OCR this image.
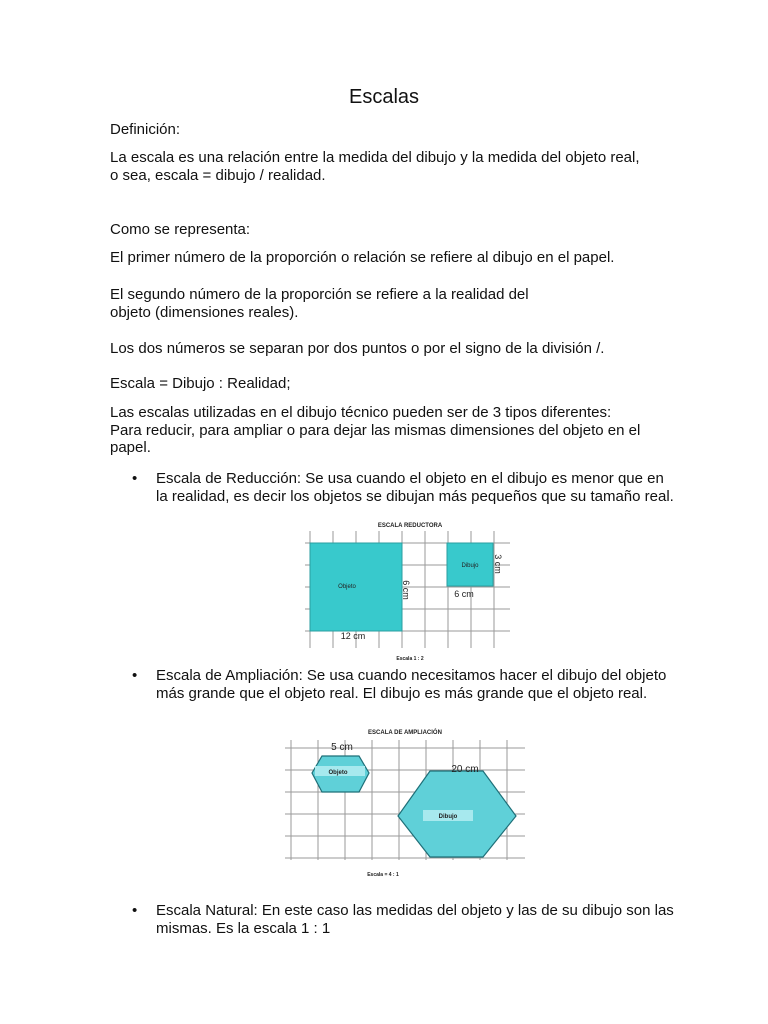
Escalas
Definición:
La escala es una relación entre la medida del dibujo y la medida del objeto real,
o sea, escala = dibujo / realidad.
Como se representa:
El primer número de la proporción o relación se refiere al dibujo en el papel.
El segundo número de la proporción se refiere a la realidad del
objeto (dimensiones reales).
Los dos números se separan por dos puntos o por el signo de la división /.
Escala = Dibujo : Realidad;
Las escalas utilizadas en el dibujo técnico pueden ser de 3 tipos diferentes:
Para reducir, para ampliar o para dejar las mismas dimensiones del objeto en el
papel.
• Escala de Reducción: Se usa cuando el objeto en el dibujo es menor que en la realidad, es decir los objetos se dibujan más pequeños que su tamaño real.
ESCALA REDUCTORA
Objeto
Dibujo
6 cm
3 cm
6 cm
12 cm
Escala 1 : 2
• Escala de Ampliación: Se usa cuando necesitamos hacer el dibujo del objeto más grande que el objeto real. El dibujo es más grande que el objeto real.
ESCALA DE AMPLIACIÓN
5 cm
20 cm
Objeto
Dibujo
Escala = 4 : 1
• Escala Natural: En este caso las medidas del objeto y las de su dibujo son las mismas. Es la escala 1 : 1
